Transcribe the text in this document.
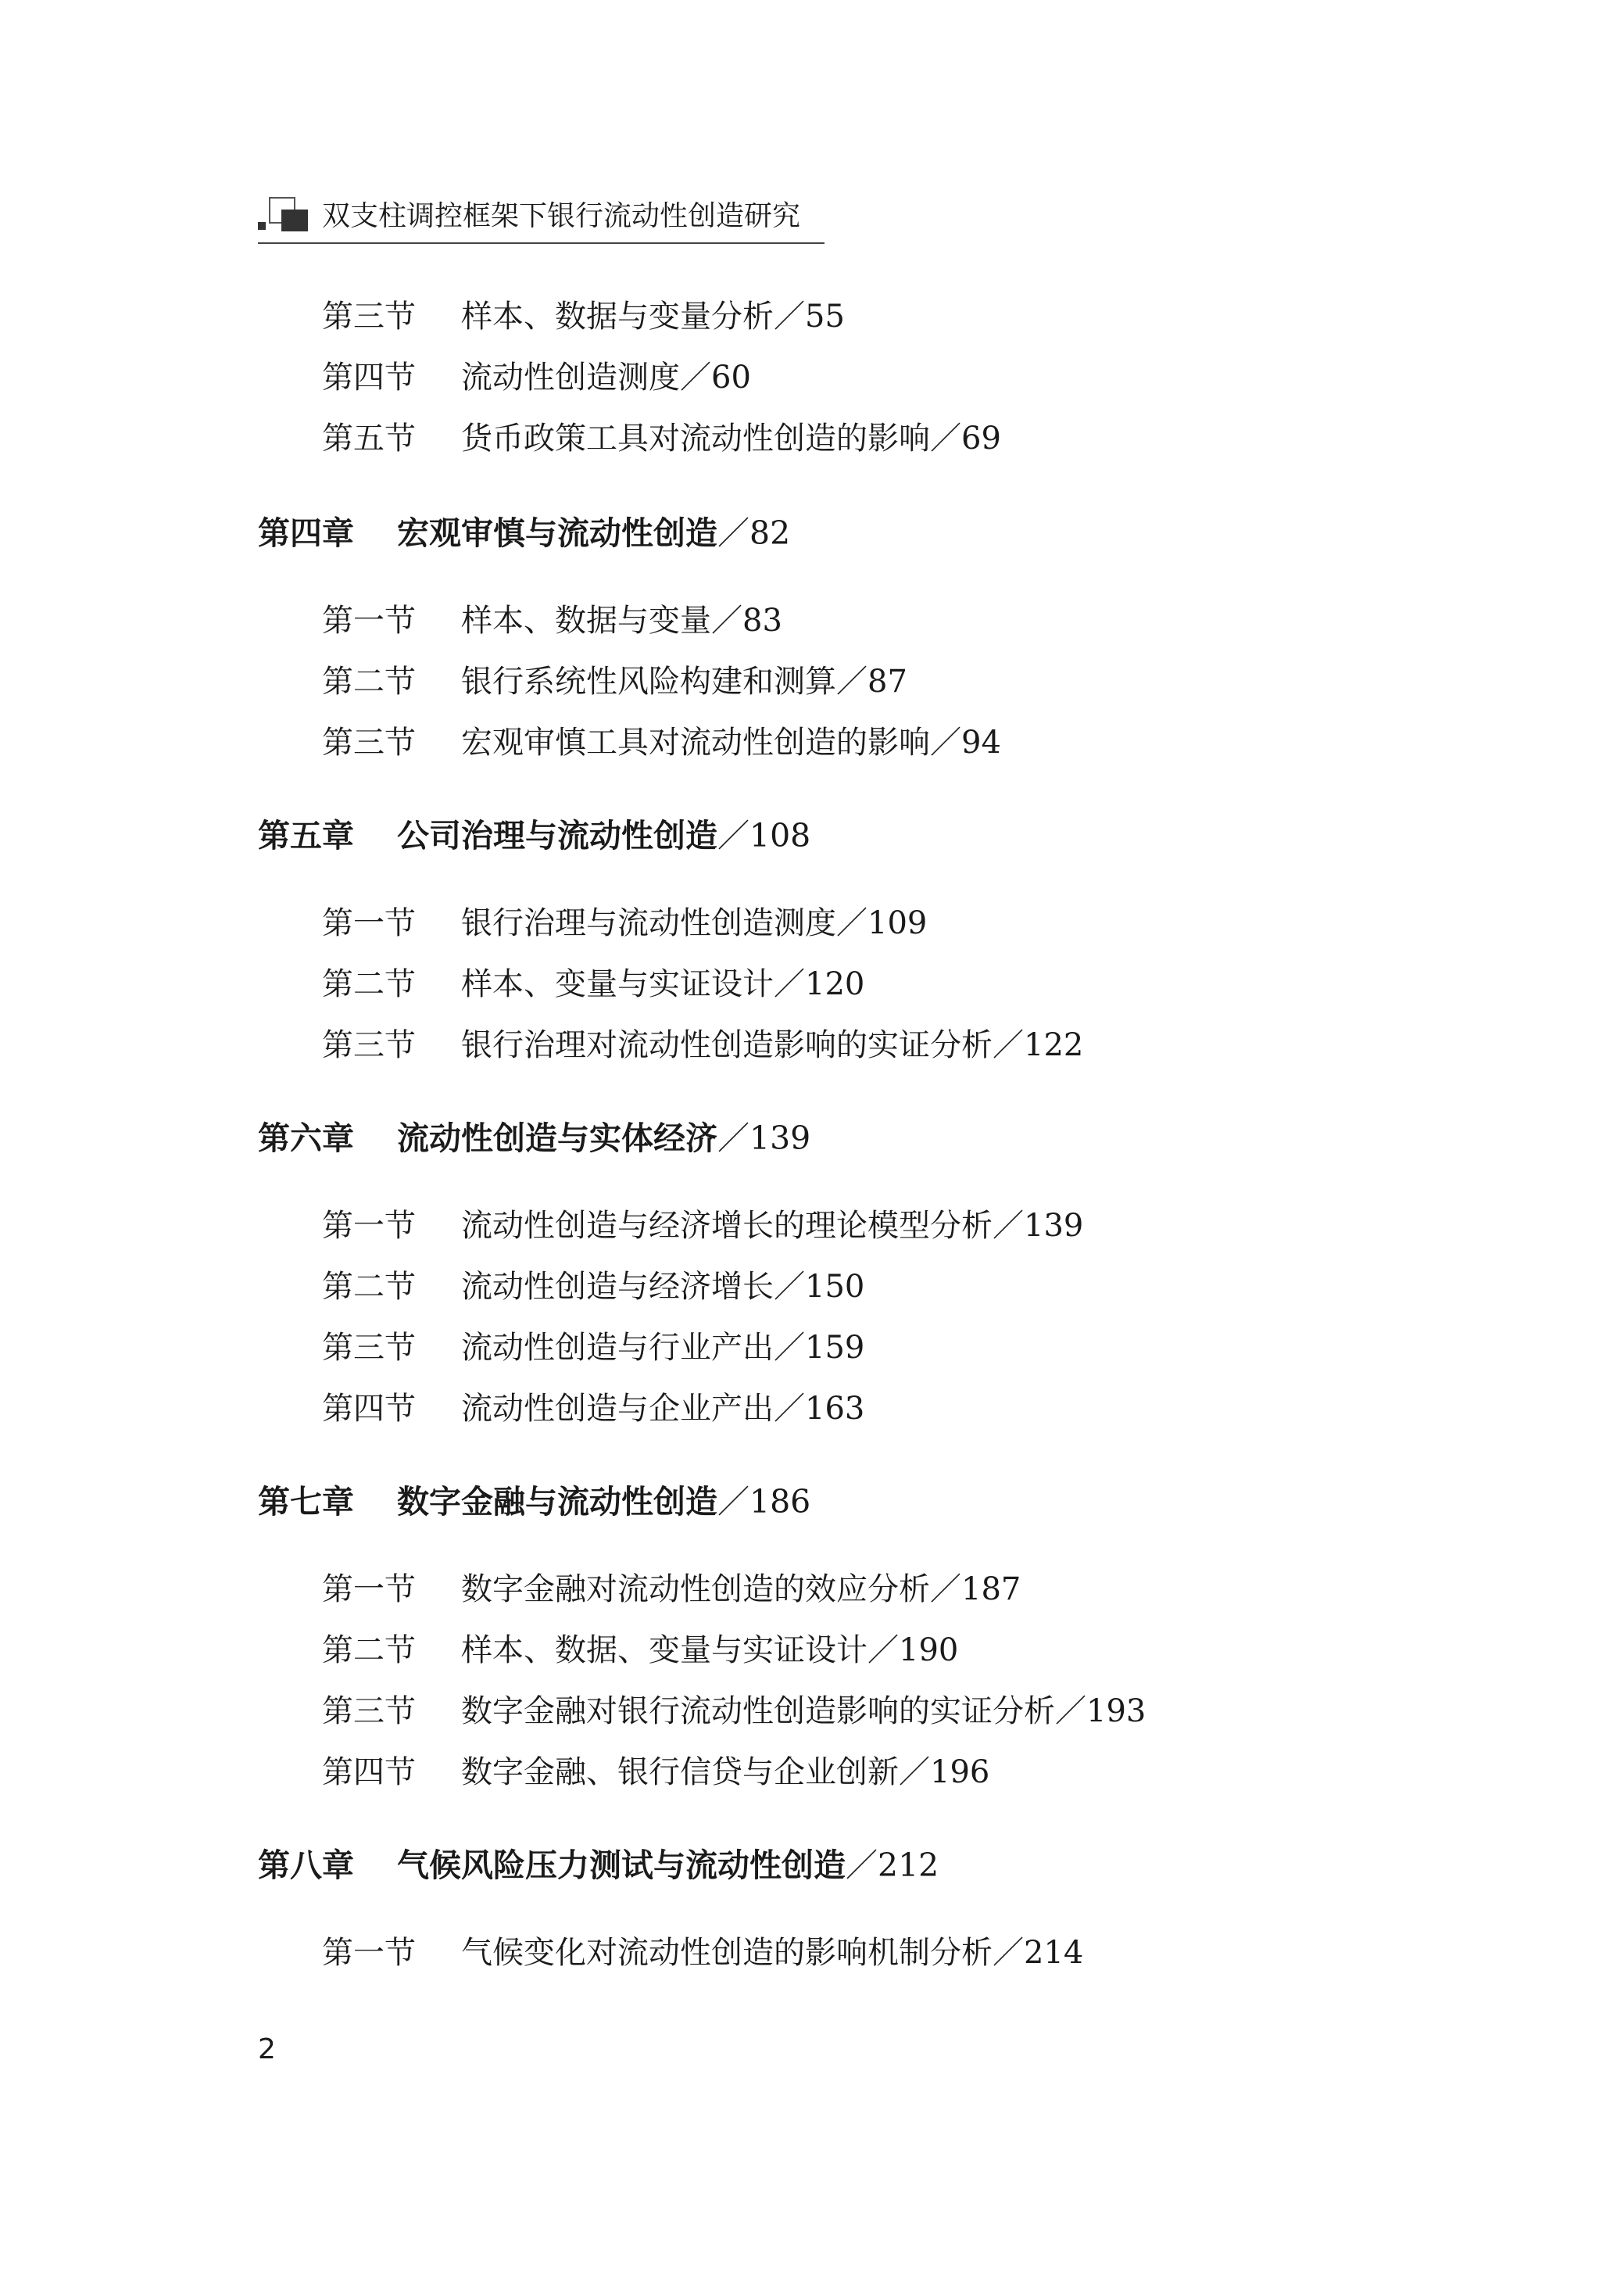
双支柱调控框架下银行流动性创造研究
第三节 样本、数据与变量分析／55
第四节 流动性创造测度／60
第五节 货币政策工具对流动性创造的影响／69
第四章 宏观审慎与流动性创造／82
第一节 样本、数据与变量／83
第二节 银行系统性风险构建和测算／87
第三节 宏观审慎工具对流动性创造的影响／94
第五章 公司治理与流动性创造／108
第一节 银行治理与流动性创造测度／109
第二节 样本、变量与实证设计／120
第三节 银行治理对流动性创造影响的实证分析／122
第六章 流动性创造与实体经济／139
第一节 流动性创造与经济增长的理论模型分析／139
第二节 流动性创造与经济增长／150
第三节 流动性创造与行业产出／159
第四节 流动性创造与企业产出／163
第七章 数字金融与流动性创造／186
第一节 数字金融对流动性创造的效应分析／187
第二节 样本、数据、变量与实证设计／190
第三节 数字金融对银行流动性创造影响的实证分析／193
第四节 数字金融、银行信贷与企业创新／196
第八章 气候风险压力测试与流动性创造／212
第一节 气候变化对流动性创造的影响机制分析／214
2
